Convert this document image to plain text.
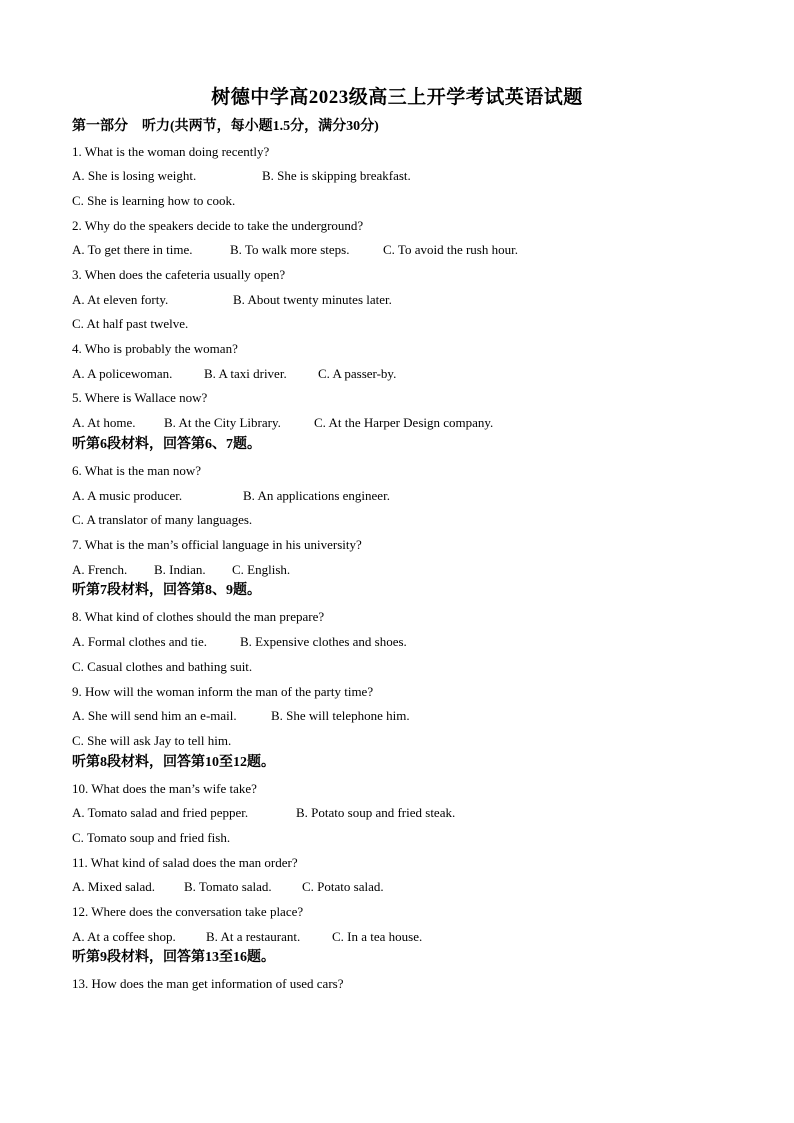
树德中学高2023级高三上开学考试英语试题
第一部分　听力(共两节，每小题1.5分，满分30分)
1. What is the woman doing recently?
A. She is losing weight.	B. She is skipping breakfast.
C. She is learning how to cook.
2. Why do the speakers decide to take the underground?
A. To get there in time.	B. To walk more steps.	C. To avoid the rush hour.
3. When does the cafeteria usually open?
A. At eleven forty.	B. About twenty minutes later.
C. At half past twelve.
4. Who is probably the woman?
A. A policewoman. B. A taxi driver. C. A passer-by.
5. Where is Wallace now?
A. At home. B. At the City Library.	C. At the Harper Design company.
听第6段材料，回答第6、7题。
6. What is the man now?
A. A music producer.	B. An applications engineer.
C. A translator of many languages.
7. What is the man’s official language in his university?
A. French. B. Indian. C. English.
听第7段材料，回答第8、9题。
8. What kind of clothes should the man prepare?
A. Formal clothes and tie.	B. Expensive clothes and shoes.
C. Casual clothes and bathing suit.
9. How will the woman inform the man of the party time?
A. She will send him an e-mail.	B. She will telephone him.
C. She will ask Jay to tell him.
听第8段材料，回答第10至12题。
10. What does the man’s wife take?
A. Tomato salad and fried pepper.	B. Potato soup and fried steak.
C. Tomato soup and fried fish.
11. What kind of salad does the man order?
A. Mixed salad. B. Tomato salad. C. Potato salad.
12. Where does the conversation take place?
A. At a coffee shop. B. At a restaurant. C. In a tea house.
听第9段材料，回答第13至16题。
13. How does the man get information of used cars?
